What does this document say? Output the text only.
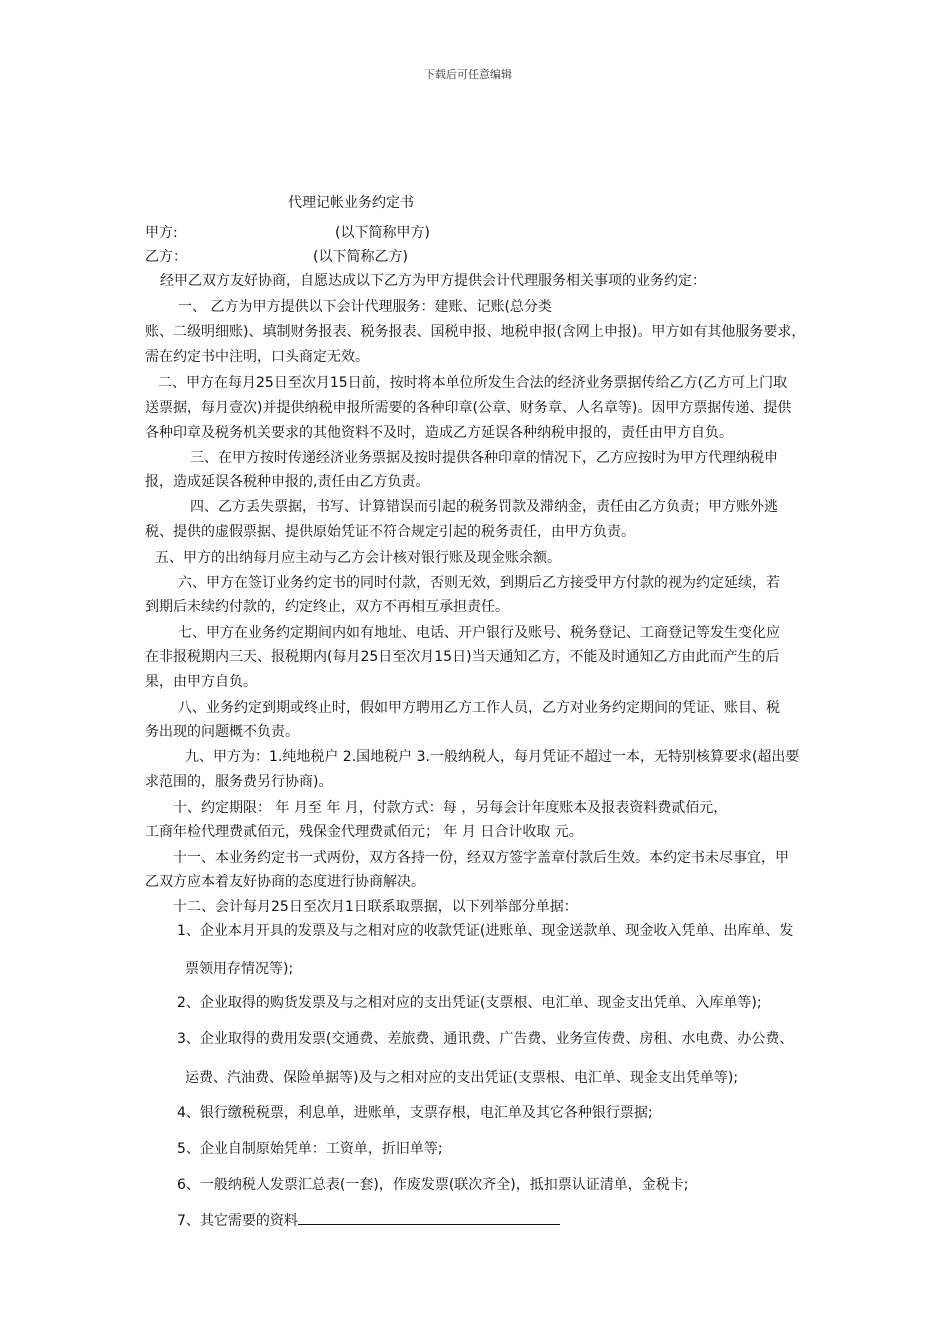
下载后可任意编辑
代理记帐业务约定书
甲方:	(以下简称甲方)
乙方：	(以下简称乙方)
经甲乙双方友好协商，自愿达成以下乙方为甲方提供会计代理服务相关事项的业务约定：
一、 乙方为甲方提供以下会计代理服务：建账、记账(总分类
账、二级明细账)、填制财务报表、税务报表、国税申报、地税申报(含网上申报)。甲方如有其他服务要求，
需在约定书中注明，口头商定无效。
二、甲方在每月25日至次月15日前，按时将本单位所发生合法的经济业务票据传给乙方(乙方可上门取
送票据，每月壹次)并提供纳税申报所需要的各种印章(公章、财务章、人名章等)。因甲方票据传递、提供
各种印章及税务机关要求的其他资料不及时，造成乙方延误各种纳税申报的，责任由甲方自负。
三、在甲方按时传递经济业务票据及按时提供各种印章的情况下，乙方应按时为甲方代理纳税申
报，造成延误各税种申报的,责任由乙方负责。
四、乙方丢失票据，书写、计算错误而引起的税务罚款及滞纳金，责任由乙方负责；甲方账外逃
税、提供的虚假票据、提供原始凭证不符合规定引起的税务责任，由甲方负责。
五、甲方的出纳每月应主动与乙方会计核对银行账及现金账余额。
六、甲方在签订业务约定书的同时付款，否则无效，到期后乙方接受甲方付款的视为约定延续，若
到期后未续约付款的，约定终止，双方不再相互承担责任。
七、甲方在业务约定期间内如有地址、电话、开户银行及账号、税务登记、工商登记等发生变化应
在非报税期内三天、报税期内(每月25日至次月15日)当天通知乙方，不能及时通知乙方由此而产生的后
果，由甲方自负。
八、业务约定到期或终止时，假如甲方聘用乙方工作人员，乙方对业务约定期间的凭证、账目、税
务出现的问题概不负责。
九、甲方为：1.纯地税户 2.国地税户 3.一般纳税人，每月凭证不超过一本，无特别核算要求(超出要
求范围的，服务费另行协商)。
十、约定期限： 年 月至 年 月，付款方式：每 ，另每会计年度账本及报表资料费贰佰元，
工商年检代理费贰佰元，残保金代理费贰佰元； 年 月 日合计收取 元。
十一、本业务约定书一式两份，双方各持一份，经双方签字盖章付款后生效。本约定书未尽事宜，甲
乙双方应本着友好协商的态度进行协商解决。
十二、会计每月25日至次月1日联系取票据，以下列举部分单据：
1、企业本月开具的发票及与之相对应的收款凭证(进账单、现金送款单、现金收入凭单、出库单、发
票领用存情况等);
2、企业取得的购货发票及与之相对应的支出凭证(支票根、电汇单、现金支出凭单、入库单等);
3、企业取得的费用发票(交通费、差旅费、通讯费、广告费、业务宣传费、房租、水电费、办公费、
运费、汽油费、保险单据等)及与之相对应的支出凭证(支票根、电汇单、现金支出凭单等);
4、银行缴税税票，利息单，进账单，支票存根，电汇单及其它各种银行票据;
5、企业自制原始凭单：工资单，折旧单等;
6、一般纳税人发票汇总表(一套)，作废发票(联次齐全)，抵扣票认证清单，金税卡;
7、其它需要的资料
